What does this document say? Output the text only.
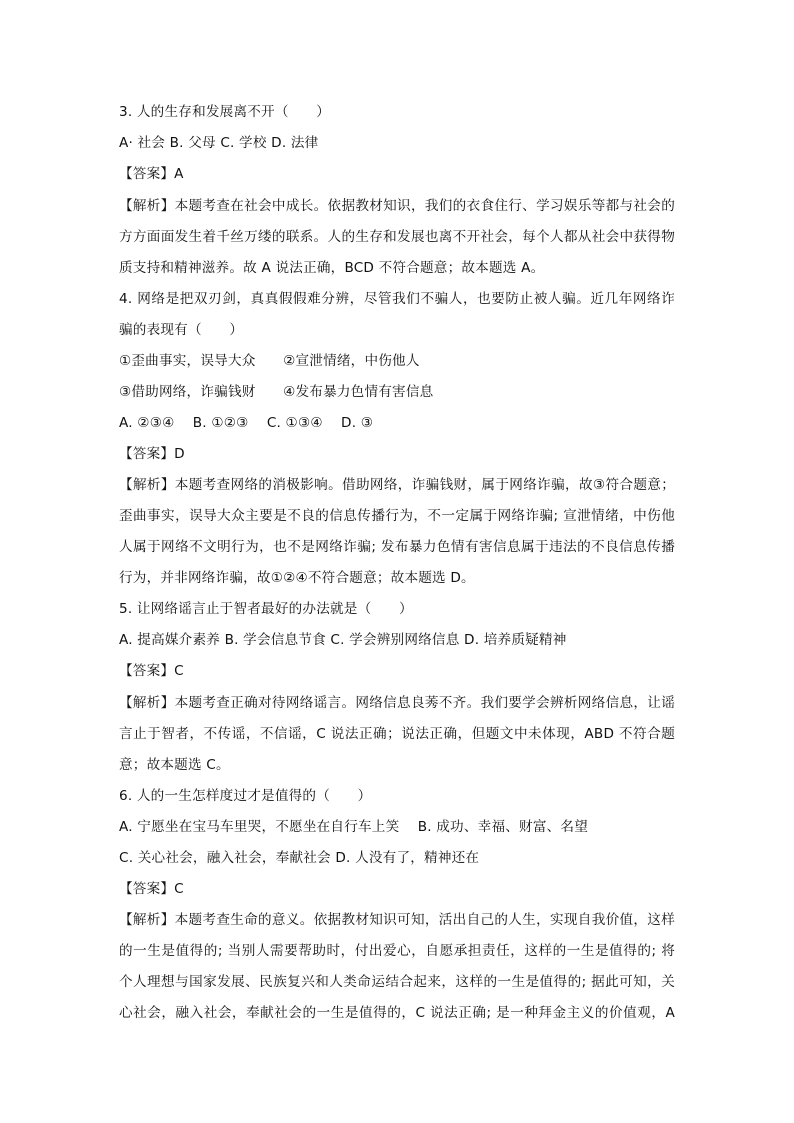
3. 人的生存和发展离不开（　　）
A· 社会 B. 父母 C. 学校 D. 法律
【答案】A
【解析】本题考查在社会中成长。依据教材知识，我们的衣食住行、学习娱乐等都与社会的
方方面面发生着千丝万缕的联系。人的生存和发展也离不开社会，每个人都从社会中获得物
质支持和精神滋养。故 A 说法正确，BCD 不符合题意；故本题选 A。
4. 网络是把双刃剑，真真假假难分辨，尽管我们不骗人，也要防止被人骗。近几年网络诈
骗的表现有（　　）
①歪曲事实，误导大众　　②宣泄情绪，中伤他人
③借助网络，诈骗钱财　　④发布暴力色情有害信息
A. ②③④　 B. ①②③　 C. ①③④　 D. ③
【答案】D
【解析】本题考查网络的消极影响。借助网络，诈骗钱财，属于网络诈骗，故③符合题意；
歪曲事实，误导大众主要是不良的信息传播行为，不一定属于网络诈骗; 宣泄情绪，中伤他
人属于网络不文明行为，也不是网络诈骗; 发布暴力色情有害信息属于违法的不良信息传播
行为，并非网络诈骗，故①②④不符合题意；故本题选 D。
5. 让网络谣言止于智者最好的办法就是（　　）
A. 提高媒介素养 B. 学会信息节食 C. 学会辨别网络信息 D. 培养质疑精神
【答案】C
【解析】本题考查正确对待网络谣言。网络信息良莠不齐。我们要学会辨析网络信息，让谣
言止于智者，不传谣，不信谣，C 说法正确；说法正确，但题文中未体现，ABD 不符合题
意；故本题选 C。
6. 人的一生怎样度过才是值得的（　　）
A. 宁愿坐在宝马车里哭，不愿坐在自行车上笑　 B. 成功、幸福、财富、名望
C. 关心社会，融入社会，奉献社会 D. 人没有了，精神还在
【答案】C
【解析】本题考查生命的意义。依据教材知识可知，活出自己的人生，实现自我价值，这样
的一生是值得的; 当别人需要帮助时，付出爱心，自愿承担责任，这样的一生是值得的; 将
个人理想与国家发展、民族复兴和人类命运结合起来，这样的一生是值得的; 据此可知，关
心社会，融入社会，奉献社会的一生是值得的，C 说法正确; 是一种拜金主义的价值观，A
